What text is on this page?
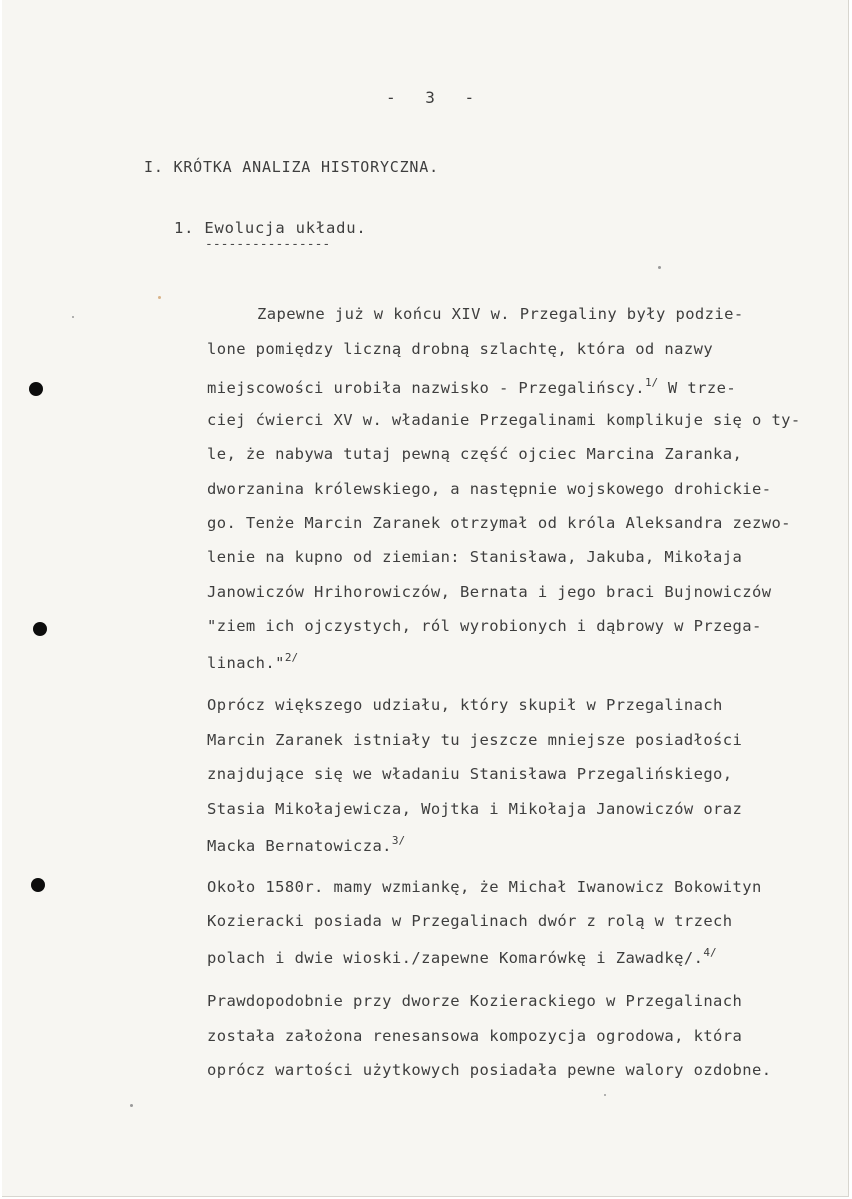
- 3 -
I. KRÓTKA ANALIZA HISTORYCZNA.
1. Ewolucja układu.
----------------
Zapewne już w końcu XIV w. Przegaliny były podzie-
lone pomiędzy liczną drobną szlachtę, która od nazwy
miejscowości urobiła nazwisko - Przegalińscy.$^{1/}$ W trze-
ciej ćwierci XV w. władanie Przegalinami komplikuje się o ty-
le, że nabywa tutaj pewną część ojciec Marcina Zaranka,
dworzanina królewskiego, a następnie wojskowego drohickie-
go. Tenże Marcin Zaranek otrzymał od króla Aleksandra zezwo-
lenie na kupno od ziemian: Stanisława, Jakuba, Mikołaja
Janowiczów Hrihorowiczów, Bernata i jego braci Bujnowiczów
"ziem ich ojczystych, ról wyrobionych i dąbrowy w Przega-
linach."$^{2/}$
Oprócz większego udziału, który skupił w Przegalinach
Marcin Zaranek istniały tu jeszcze mniejsze posiadłości
znajdujące się we władaniu Stanisława Przegalińskiego,
Stasia Mikołajewicza, Wojtka i Mikołaja Janowiczów oraz
Macka Bernatowicza.$^{3/}$
Około 1580r. mamy wzmiankę, że Michał Iwanowicz Bokowityn
Kozieracki posiada w Przegalinach dwór z rolą w trzech
polach i dwie wioski./zapewne Komarówkę i Zawadkę/.$^{4/}$
Prawdopodobnie przy dworze Kozierackiego w Przegalinach
została założona renesansowa kompozycja ogrodowa, która
oprócz wartości użytkowych posiadała pewne walory ozdobne.
